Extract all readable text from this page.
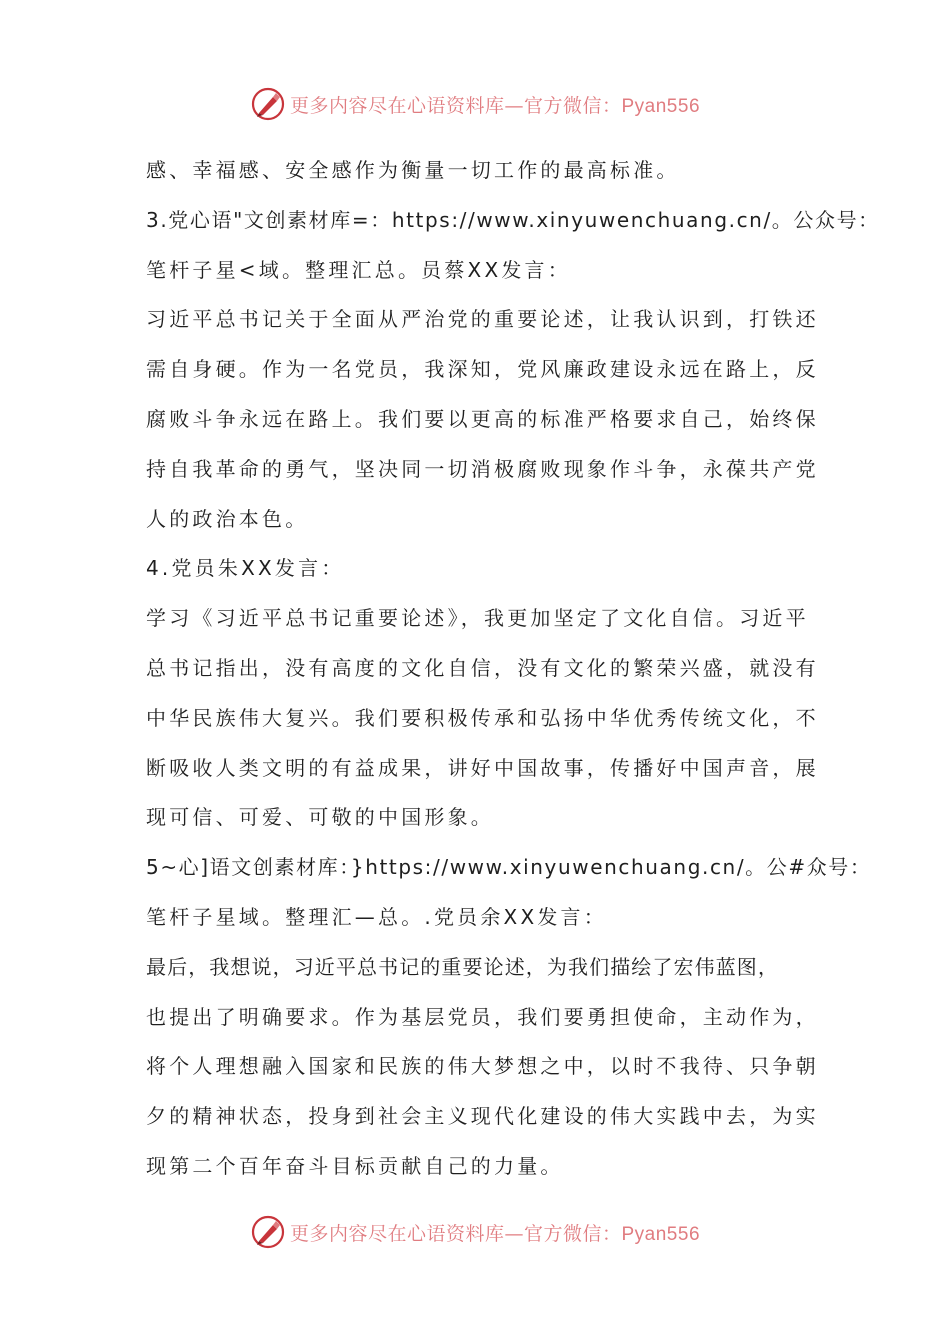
更多内容尽在心语资料库—官方微信：Pyan556
感、幸福感、安全感作为衡量一切工作的最高标准。
3.党心语"文创素材库=：https://www.xinyuwenchuang.cn/。公众号：
笔杆子星<域。整理汇总。员蔡XX发言：
习近平总书记关于全面从严治党的重要论述，让我认识到，打铁还
需自身硬。作为一名党员，我深知，党风廉政建设永远在路上，反
腐败斗争永远在路上。我们要以更高的标准严格要求自己，始终保
持自我革命的勇气，坚决同一切消极腐败现象作斗争，永葆共产党
人的政治本色。
4.党员朱XX发言：
学习《习近平总书记重要论述》，我更加坚定了文化自信。习近平
总书记指出，没有高度的文化自信，没有文化的繁荣兴盛，就没有
中华民族伟大复兴。我们要积极传承和弘扬中华优秀传统文化，不
断吸收人类文明的有益成果，讲好中国故事，传播好中国声音，展
现可信、可爱、可敬的中国形象。
5~心]语文创素材库：}https://www.xinyuwenchuang.cn/。公#众号：
笔杆子星域。整理汇—总。.党员余XX发言：
最后，我想说，习近平总书记的重要论述，为我们描绘了宏伟蓝图，
也提出了明确要求。作为基层党员，我们要勇担使命，主动作为，
将个人理想融入国家和民族的伟大梦想之中，以时不我待、只争朝
夕的精神状态，投身到社会主义现代化建设的伟大实践中去，为实
现第二个百年奋斗目标贡献自己的力量。
更多内容尽在心语资料库—官方微信：Pyan556
